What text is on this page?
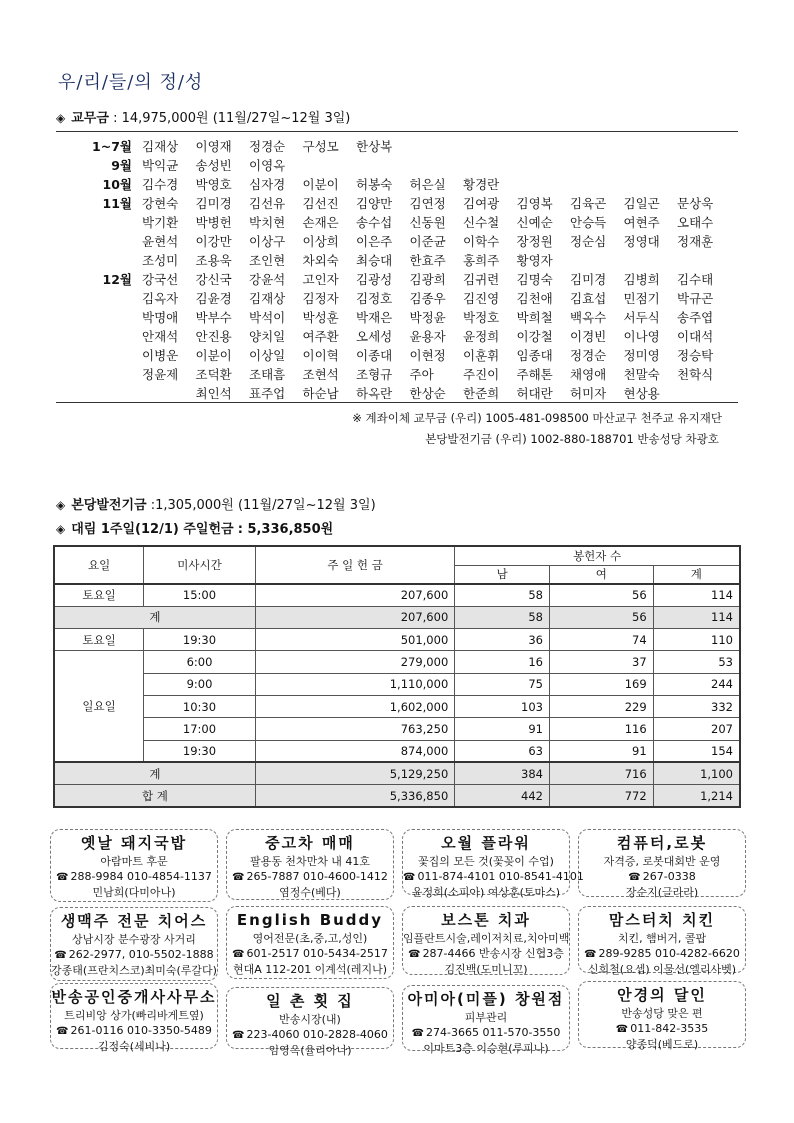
우/리/들/의 정/성
◈ 교무금 : 14,975,000원 (11월/27일~12월 3일)
1~7월 김재상	이영재	정경순	구성모	한상복
9월 박익균	송성빈	이영옥
10월 김수경	박영호	심자경	이분이	허봉숙	허은실	황경란
11월 강현숙	김미경	김선유	김선진	김양만	김연정	김여광	김영복	김육곤	김일곤	문상욱
박기환	박병헌	박치현	손재은	송수섭	신동원	신수철	신예순	안승득	여현주	오태수
윤현석	이강만	이상구	이상희	이은주	이준균	이학수	장정원	정순심	정영대	정재훈
조성미	조용욱	조인현	차외숙	최승대	한효주	홍희주	황영자
12월 강국선	강신국	강윤석	고인자	김광성	김광희	김귀련	김명숙	김미경	김병희	김수태
김옥자	김윤경	김재상	김정자	김정호	김종우	김진영	김천애	김효섭	민점기	박규곤
박명애	박부수	박석이	박성훈	박재은	박정윤	박정호	박희철	백옥수	서두식	송주엽
안재석	안진용	양치일	여주환	오세성	윤용자	윤정희	이강철	이경빈	이나영	이대석
이병운	이분이	이상일	이이혁	이종대	이현정	이훈휘	임종대	정경순	정미영	정승탁
정윤제	조덕환	조태흠	조현석	조형규	주아	주진이	주해톤	채영애	천말숙	천학식
최인석	표주업	하순남	하옥란	한상순	한준희	허대란	허미자	현상용
※ 계좌이체 교무금 (우리) 1005-481-098500 마산교구 천주교 유지재단
본당발전기금 (우리) 1002-880-188701 반송성당 차광호
◈ 본당발전기금 :1,305,000원 (11월/27일~12월 3일)
◈ 대림 1주일(12/1) 주일헌금 : 5,336,850원
요일	미사시간	주 일 헌 금	봉헌자 수		
			남	여	계
토요일	15:00	207,600	58	56	114
계		207,600	58	56	114
토요일	19:30	501,000	36	74	110
일요일	6:00	279,000	16	37	53
	9:00	1,110,000	75	169	244
	10:30	1,602,000	103	229	332
	17:00	763,250	91	116	207
	19:30	874,000	63	91	154
계		5,129,250	384	716	1,100
합 계		5,336,850	442	772	1,214
옛날 돼지국밥
아람마트 후문
☎ 288-9984 010-4854-1137
민남희(다미아나)
중고차 매매
팔용동 천차만차 내 41호
☎ 265-7887 010-4600-1412
염정수(베다)
오월 플라워
꽃집의 모든 것(꽃꽂이 수업)
☎ 011-874-4101 010-8541-4101
윤정희(소피아) 여상훈(토마스)
컴퓨터,로봇
자격증, 로봇대회반 운영
☎ 267-0338
장순지(글라라)
생맥주 전문 치어스
상남시장 분수광장 사거리
☎ 262-2977, 010-5502-1888
강종태(프란치스코)최미숙(루갈다)
English Buddy
영어전문(초,중,고,성인)
☎ 601-2517 010-5434-2517
현대A 112-201 이계석(레지나)
보스톤 치과
임플란트시술,레이저치료,치아미백
☎ 287-4466 반송시장 신협3층
김진백(도미니꼬)
맘스터치 치킨
치킨, 햄버거, 콜팝
☎ 289-9285 010-4282-6620
신희철(요셉) 이물선(엘리사벳)
반송공인중개사사무소
트리비앙 상가(빠리바게트옆)
☎ 261-0116 010-3350-5489
김정숙(세비나)
일 촌 횟 집
반송시장(내)
☎ 223-4060 010-2828-4060
임영옥(율리아나)
아미아(미플) 창원점
피부관리
☎ 274-3665 011-570-3550
이마트3층 이승현(루피나)
안경의 달인
반송성당 맞은 편
☎ 011-842-3535
양종덕(베드로)
